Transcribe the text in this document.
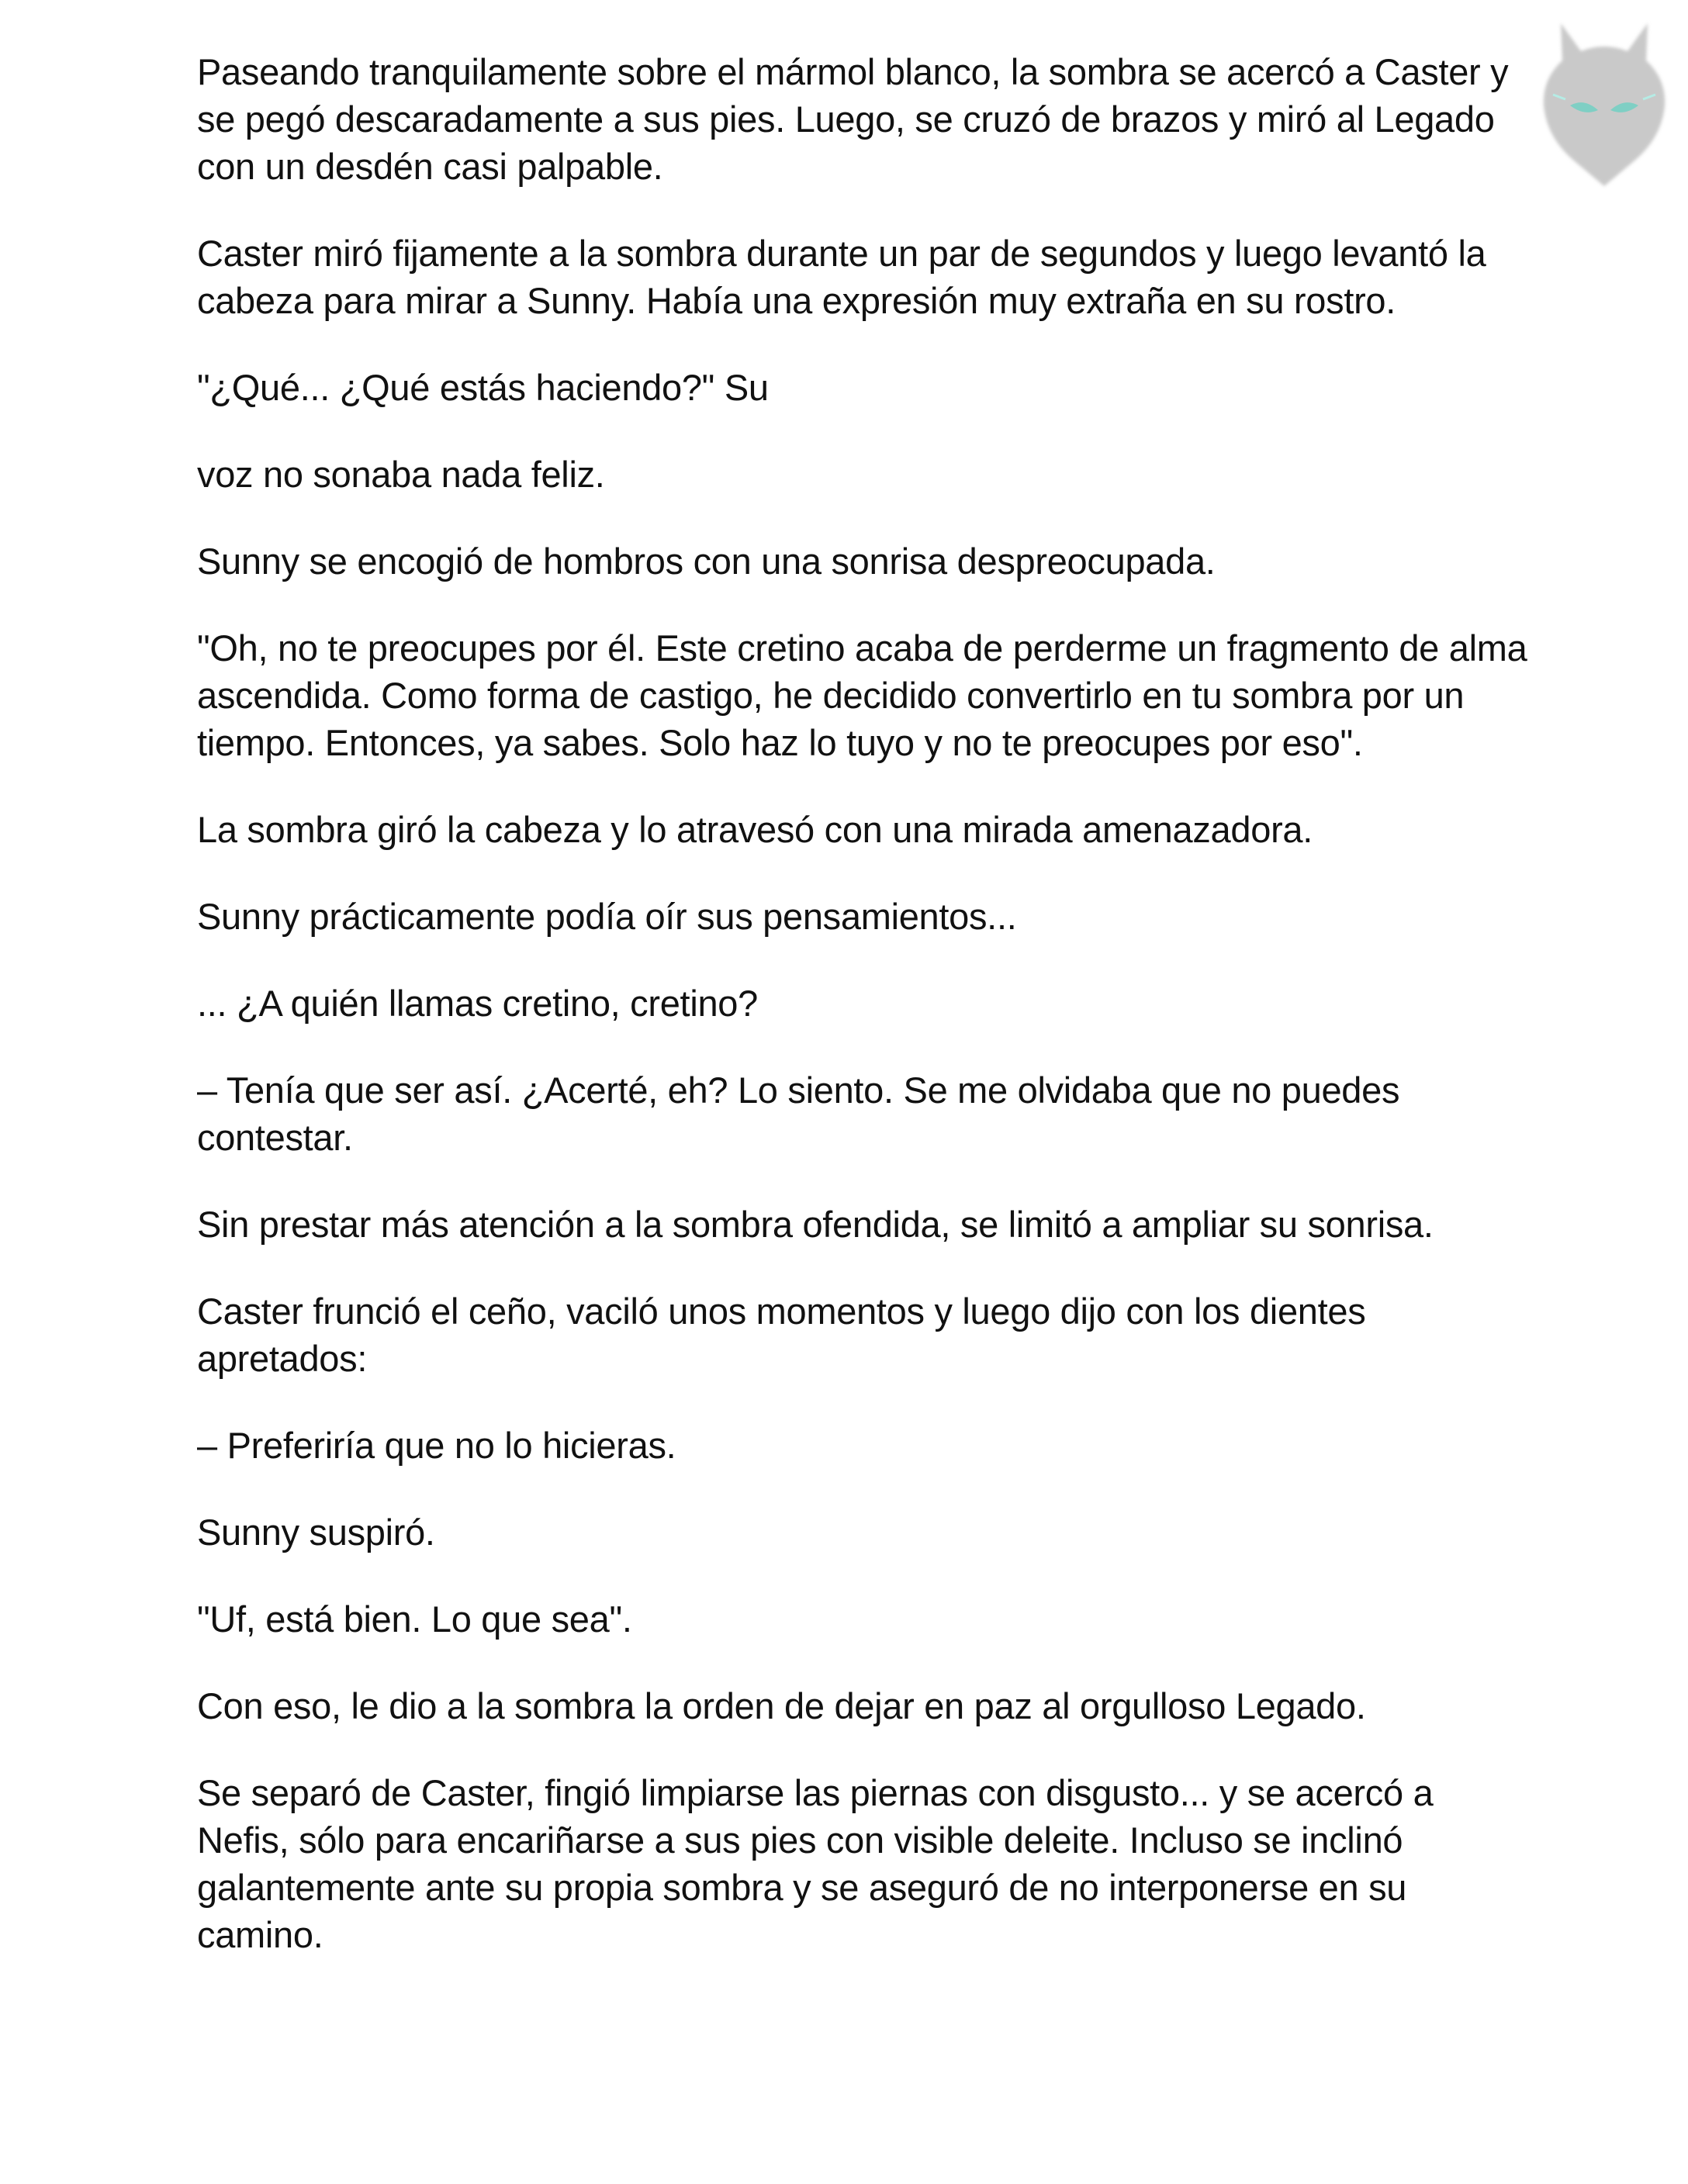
Paseando tranquilamente sobre el mármol blanco, la sombra se acercó a Caster y se pegó descaradamente a sus pies. Luego, se cruzó de brazos y miró al Legado con un desdén casi palpable.

Caster miró fijamente a la sombra durante un par de segundos y luego levantó la cabeza para mirar a Sunny. Había una expresión muy extraña en su rostro.

"¿Qué... ¿Qué estás haciendo?" Su

voz no sonaba nada feliz.

Sunny se encogió de hombros con una sonrisa despreocupada.

"Oh, no te preocupes por él. Este cretino acaba de perderme un fragmento de alma ascendida. Como forma de castigo, he decidido convertirlo en tu sombra por un tiempo. Entonces, ya sabes. Solo haz lo tuyo y no te preocupes por eso".

La sombra giró la cabeza y lo atravesó con una mirada amenazadora.

Sunny prácticamente podía oír sus pensamientos...

... ¿A quién llamas cretino, cretino?

– Tenía que ser así. ¿Acerté, eh? Lo siento. Se me olvidaba que no puedes contestar.

Sin prestar más atención a la sombra ofendida, se limitó a ampliar su sonrisa.

Caster frunció el ceño, vaciló unos momentos y luego dijo con los dientes apretados:

– Preferiría que no lo hicieras.

Sunny suspiró.

"Uf, está bien. Lo que sea".

Con eso, le dio a la sombra la orden de dejar en paz al orgulloso Legado.

Se separó de Caster, fingió limpiarse las piernas con disgusto... y se acercó a Nefis, sólo para encariñarse a sus pies con visible deleite. Incluso se inclinó galantemente ante su propia sombra y se aseguró de no interponerse en su camino.
